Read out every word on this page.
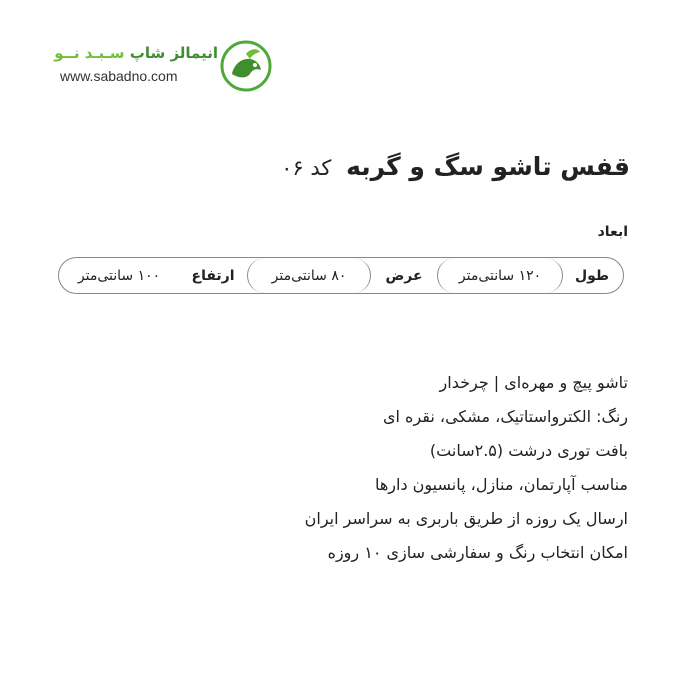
انیمالز شاپ سـبـد نــو
www.sabadno.com
قفس تاشو سگ و گربه کد ۰۶
ابعاد
طول
۱۲۰ سانتی‌متر
عرض
۸۰ سانتی‌متر
ارتفاع
۱۰۰ سانتی‌متر
تاشو پیچ و مهره‌ای | چرخدار
رنگ: الکترواستاتیک، مشکی، نقره ای
بافت توری درشت (۲.۵سانت)
مناسب آپارتمان، منازل، پانسیون دارها
ارسال یک روزه از طریق باربری به سراسر ایران
امکان انتخاب رنگ و سفارشی سازی ۱۰ روزه
